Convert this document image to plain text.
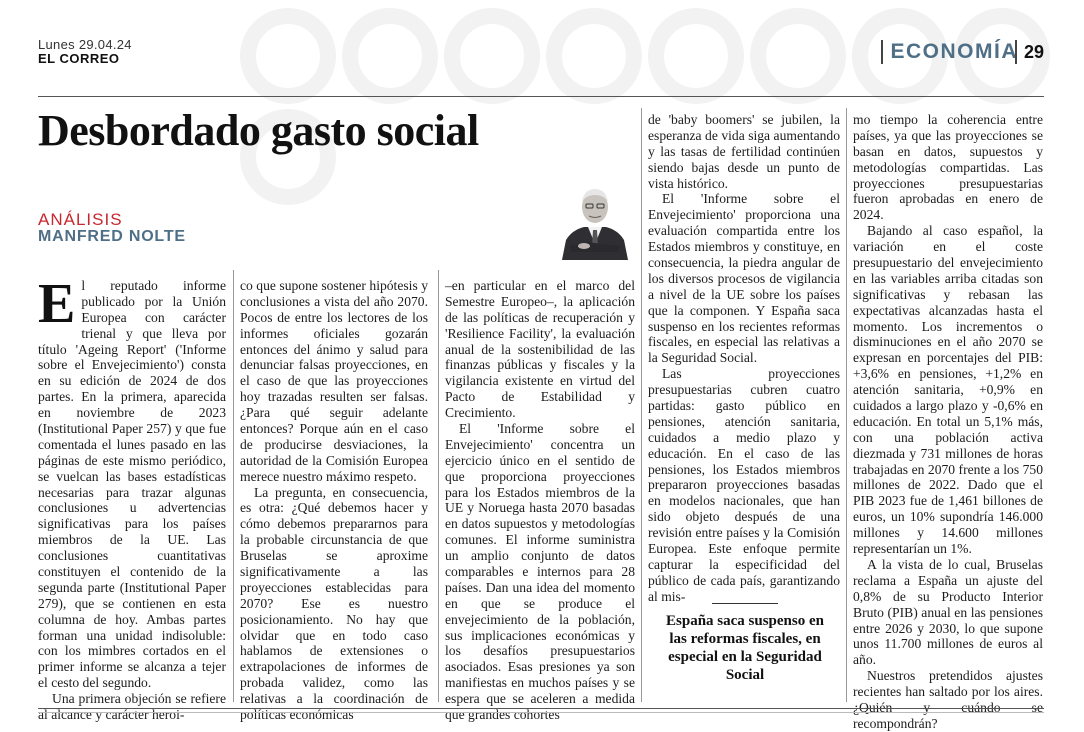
Lunes 29.04.24
EL CORREO	ECONOMÍA 29
Desbordado gasto social
ANÁLISIS
MANFRED NOLTE

El reputado informe publicado por la Unión Europea con carácter trienal y que lleva por título 'Ageing Report' ('Informe sobre el Envejecimiento') consta en su edición de 2024 de dos partes. En la primera, aparecida en noviembre de 2023 (Institutional Paper 257) y que fue comentada el lunes pasado en las páginas de este mismo periódico, se vuelcan las bases estadísticas necesarias para trazar algunas conclusiones u advertencias significativas para los países miembros de la UE. Las conclusiones cuantitativas constituyen el contenido de la segunda parte (Institutional Paper 279), que se contienen en esta columna de hoy. Ambas partes forman una unidad indisoluble: con los mimbres cortados en el primer informe se alcanza a tejer el cesto del segundo.

Una primera objeción se refiere al alcance y carácter heroi-

co que supone sostener hipótesis y conclusiones a vista del año 2070. Pocos de entre los lectores de los informes oficiales gozarán entonces del ánimo y salud para denunciar falsas proyecciones, en el caso de que las proyecciones hoy trazadas resulten ser falsas. ¿Para qué seguir adelante entonces? Porque aún en el caso de producirse desviaciones, la autoridad de la Comisión Europea merece nuestro máximo respeto.

La pregunta, en consecuencia, es otra: ¿Qué debemos hacer y cómo debemos prepararnos para la probable circunstancia de que Bruselas se aproxime significativamente a las proyecciones establecidas para 2070? Ese es nuestro posicionamiento. No hay que olvidar que en todo caso hablamos de extensiones o extrapolaciones de informes de probada validez, como las relativas a la coordinación de políticas económicas

–en particular en el marco del Semestre Europeo–, la aplicación de las políticas de recuperación y 'Resilience Facility', la evaluación anual de la sostenibilidad de las finanzas públicas y fiscales y la vigilancia existente en virtud del Pacto de Estabilidad y Crecimiento.

El 'Informe sobre el Envejecimiento' concentra un ejercicio único en el sentido de que proporciona proyecciones para los Estados miembros de la UE y Noruega hasta 2070 basadas en datos supuestos y metodologías comunes. El informe suministra un amplio conjunto de datos comparables e internos para 28 países. Dan una idea del momento en que se produce el envejecimiento de la población, sus implicaciones económicas y los desafíos presupuestarios asociados. Esas presiones ya son manifiestas en muchos países y se espera que se aceleren a medida que grandes cohortes

de 'baby boomers' se jubilen, la esperanza de vida siga aumentando y las tasas de fertilidad continúen siendo bajas desde un punto de vista histórico.

El 'Informe sobre el Envejecimiento' proporciona una evaluación compartida entre los Estados miembros y constituye, en consecuencia, la piedra angular de los diversos procesos de vigilancia a nivel de la UE sobre los países que la componen. Y España saca suspenso en los recientes reformas fiscales, en especial las relativas a la Seguridad Social.

Las proyecciones presupuestarias cubren cuatro partidas: gasto público en pensiones, atención sanitaria, cuidados a medio plazo y educación. En el caso de las pensiones, los Estados miembros prepararon proyecciones basadas en modelos nacionales, que han sido objeto después de una revisión entre países y la Comisión Europea. Este enfoque permite capturar la especificidad del público de cada país, garantizando al mis-

España saca suspenso en las reformas fiscales, en especial en la Seguridad Social

mo tiempo la coherencia entre países, ya que las proyecciones se basan en datos, supuestos y metodologías compartidas. Las proyecciones presupuestarias fueron aprobadas en enero de 2024.

Bajando al caso español, la variación en el coste presupuestario del envejecimiento en las variables arriba citadas son significativas y rebasan las expectativas alcanzadas hasta el momento. Los incrementos o disminuciones en el año 2070 se expresan en porcentajes del PIB: +3,6% en pensiones, +1,2% en atención sanitaria, +0,9% en cuidados a largo plazo y -0,6% en educación. En total un 5,1% más, con una población activa diezmada y 731 millones de horas trabajadas en 2070 frente a los 750 millones de 2022. Dado que el PIB 2023 fue de 1,461 billones de euros, un 10% supondría 146.000 millones y 14.600 millones representarían un 1%.

A la vista de lo cual, Bruselas reclama a España un ajuste del 0,8% de su Producto Interior Bruto (PIB) anual en las pensiones entre 2026 y 2030, lo que supone unos 11.700 millones de euros al año.

Nuestros pretendidos ajustes recientes han saltado por los aires. ¿Quién y cuándo se recompondrán?
